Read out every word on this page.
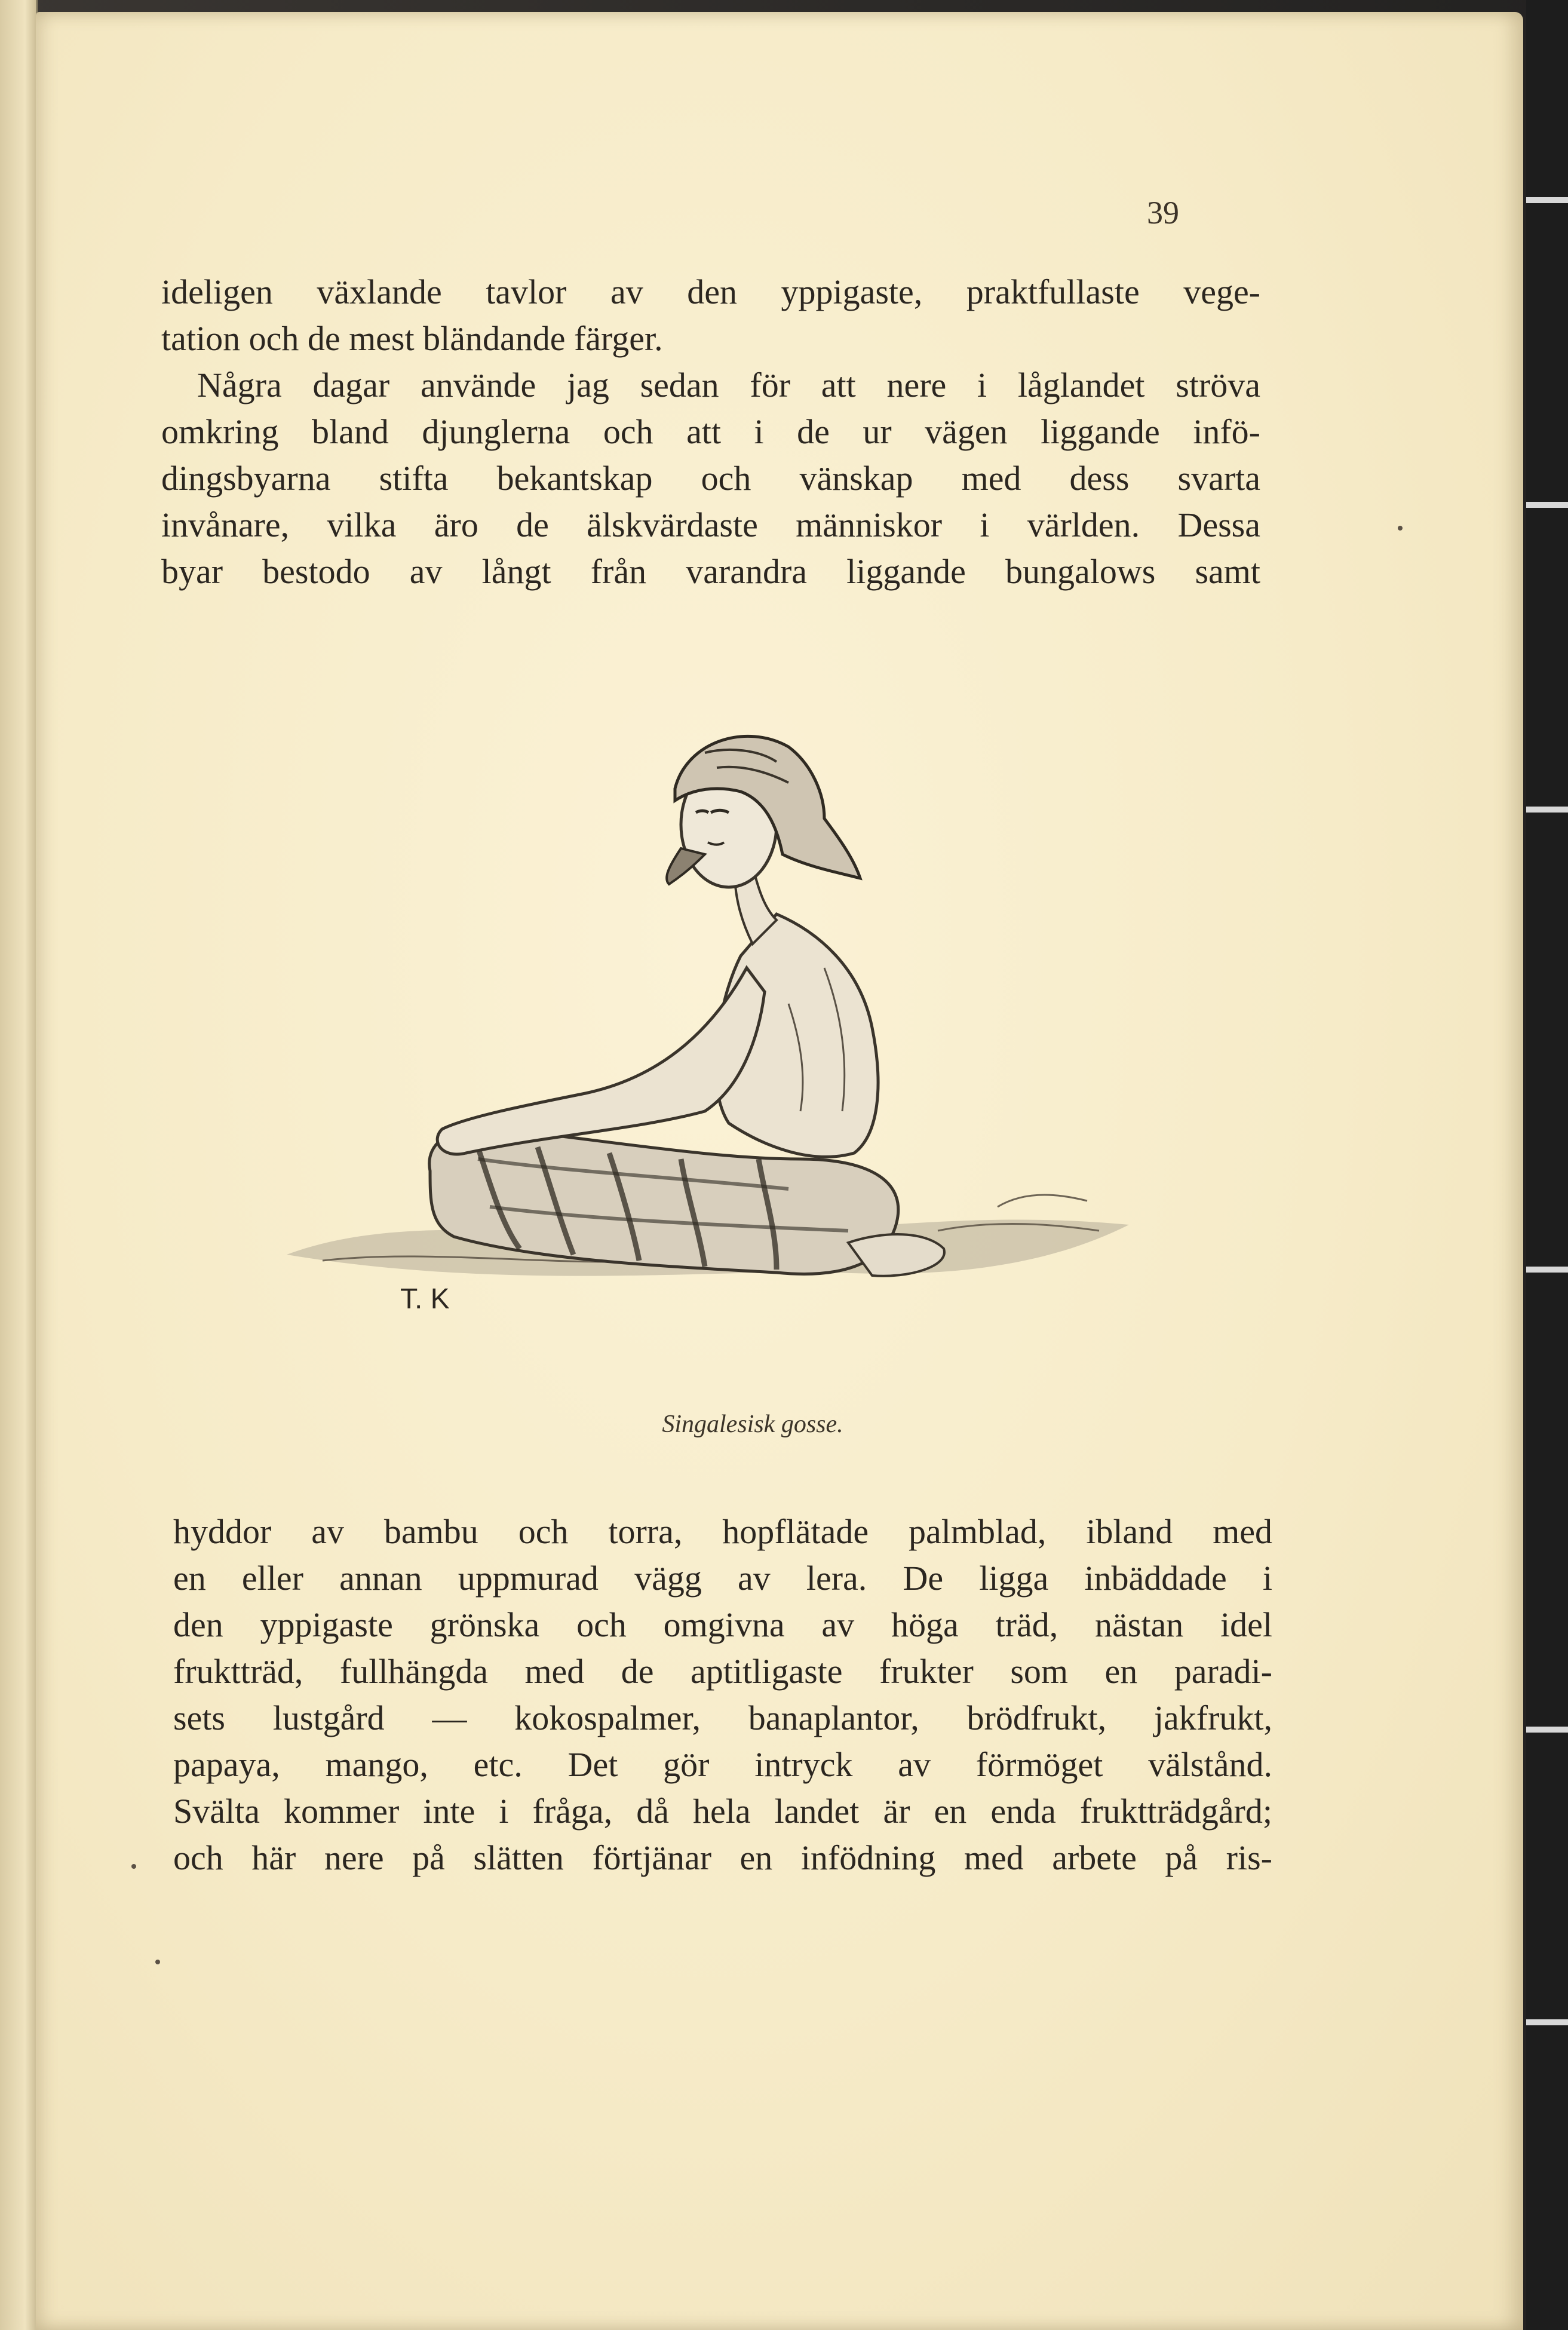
39
ideligen växlande tavlor av den yppigaste, praktfullaste vege-
tation och de mest bländande färger.
Några dagar använde jag sedan för att nere i låglandet ströva
omkring bland djunglerna och att i de ur vägen liggande infö-
dingsbyarna stifta bekantskap och vänskap med dess svarta
invånare, vilka äro de älskvärdaste människor i världen. Dessa
byar bestodo av långt från varandra liggande bungalows samt
T. K
Singalesisk gosse.
hyddor av bambu och torra, hopflätade palmblad, ibland med
en eller annan uppmurad vägg av lera. De ligga inbäddade i
den yppigaste grönska och omgivna av höga träd, nästan idel
fruktträd, fullhängda med de aptitligaste frukter som en paradi-
sets lustgård — kokospalmer, banaplantor, brödfrukt, jakfrukt,
papaya, mango, etc. Det gör intryck av förmöget välstånd.
Svälta kommer inte i fråga, då hela landet är en enda fruktträdgård;
och här nere på slätten förtjänar en infödning med arbete på ris-
